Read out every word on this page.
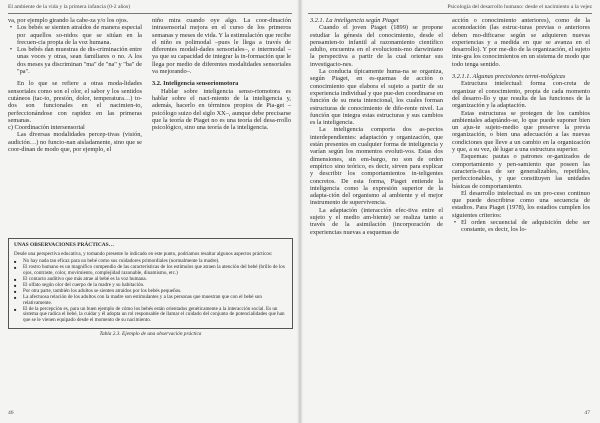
El ambiente de la vida y la primera infancia (0-2 años)

va, por ejemplo girando la cabe-za y/o los ojos.

• Los bebés se sienten atraídos de manera especial por aquellos so-nidos que se sitúan en la frecuen-cia propia de la voz humana.
• Los bebés dan muestras de dis-criminación entre unas voces y otras, sean familiares o no. A los dos meses ya discriminan "ma" de "na" y "ba" de "pa".

En lo que se refiere a otras moda-lidades sensoriales como son el olor, el sabor y los sentidos cutáneos (tac-to, presión, dolor, temperatura…) to-dos son funcionales en el nacimien-to, perfeccionándose con rapidez en las primeras semanas.

c) Coordinación intersensorial

Las diversas modalidades percep-tivas (visión, audición…) no funcio-nan aisladamente, sino que se coor-dinan de modo que, por ejemplo, el

niño mira cuando oye algo. La coor-dinación intrasensorial mejora en el curso de los primeros semanas y meses de vida. Y la estimulación que recibe el niño es polimodal –pues le llega a través de diferentes modali-dades sensoriales–, e intermodal –ya que su capacidad de integrar la in-formación que le llega por medio de diferentes modalidades sensoriales va mejorando–.

3.2. Inteligencia sensoriomotora

Hablar sobre inteligencia senso-riomotora es hablar sobre el naci-miento de la inteligencia y, además, hacerlo en términos propios de Pia-get –psicólogo suizo del siglo XX–, aunque debe precisarse que la teoría de Piaget no es una teoría del desa-rrollo psicológico, sino una teoría de la inteligencia.

UNAS OBSERVACIONES PRÁCTICAS…
Desde una perspectiva educativa, y tomando presente lo indicado en este punto, podríamos resaltar algunos aspectos prácticos:
■	No hay nada tan eficaz para un bebé como sus cuidadores primordiales (normalmente la madre).
■	El rostro humano es un magnífico compendio de las características de los estímulos que atraen la atención del bebé (brillo de los ojos, contraste, color, movimiento, complejidad razonable, dinamismo, etc.)
■	El contacto auditivo que más atrae al bebé es la voz humana.
■	El olfato según olor del cuerpo de la madre y su habitación.
■	Por otra parte, también los adultos se sienten atraídos por los bebés pequeños.
■	La afectuosa relación de los adultos con la madre son estimulantes y a las personas que muestran que con el bebé son relativamente.
■	El de la percepción es, para un buen ejemplo de cómo los bebés están orientados genéticamente a la interacción social. Es un sistema que radica el bebé, la cuidar y él adopta un rol responsable de llamar el cuidado del conjunto de potencialidades que han que se le vienen equipado desde el momento de su nacimiento.
Tabla 2.3. Ejemplo de una observación práctica
46
Psicología del desarrollo humano: desde el nacimiento a la vejez

3.2.1. La inteligencia según Piaget

Cuando el joven Piaget (1899) se propone estudiar la génesis del conocimiento, desde el pensamien-to infantil al razonamiento científico adulto, encuentra en el evolucionis-mo darwiniano la perspectiva a partir de la cual orientar sus investigacio-nes.

La conducta típicamente huma-na se organiza, según Piaget, en es-quemas de acción o conocimiento que elabora el sujeto a partir de su experiencia individual y que pue-den coordinarse en función de su meta intencional, los cuales forman estructuras de conocimiento de dife-rente nivel. La función que integra estas estructuras y sus cambios es la inteligencia.

La inteligencia comporta dos as-pectos interdependientes: adaptación y organización, que están presentes en cualquier forma de inteligencia y varían según los momentos evoluti-vos. Estas dos dimensiones, sin em-bargo, no son de orden empírico sino teórico, es decir, sirven para explicar y describir los comportamientos in-teligentes concretos. De esta forma, Piaget entiende la inteligencia como la expresión superior de la adapta-ción del organismo al ambiente y el mejor instrumento de supervivencia.

La adaptación (interacción efec-tiva entre el sujeto y el medio am-biente) se realiza tanto a través de la asimilación (incorporación de experiencias nuevas a esquemas de

acción o conocimiento anteriores), como de la acomodación (las estruc-turas previas o anteriores deben mo-dificarse según se adquieren nuevas experiencias y a medida en que se avanza en el desarrollo). Y por me-dio de la organización, el sujeto inte-gra los conocimientos en un sistema de modo que todo tenga sentido.

3.2.1.1. Algunas precisiones termi-nológicas

Estructura intelectual: forma con-creta de organizar el conocimiento, propia de cada momento del desarro-llo y que resulta de las funciones de la organización y la adaptación.

Estas estructuras se protegen de los cambios ambientales adaptándo-se, lo que puede suponer bien un ajus-te sujeto-medio que preserve la previa organización, o bien una adecuación a las nuevas condiciones que lleve a un cambio en la organización y que, a su vez, dé lugar a una estructura superior.

Esquemas: pautas o patrones or-ganizados de comportamiento y pen-samiento que poseen las caracterís-ticas de ser generalizables, repetibles, perfeccionables, y que constituyen las unidades básicas de comportamiento.

El desarrollo intelectual es un pro-ceso continuo que puede describirse como una secuencia de estadios. Para Piaget (1978), los estadios cumplen los siguientes criterios:

• El orden secuencial de adquisición debe ser constante, es decir, los lo-
47
